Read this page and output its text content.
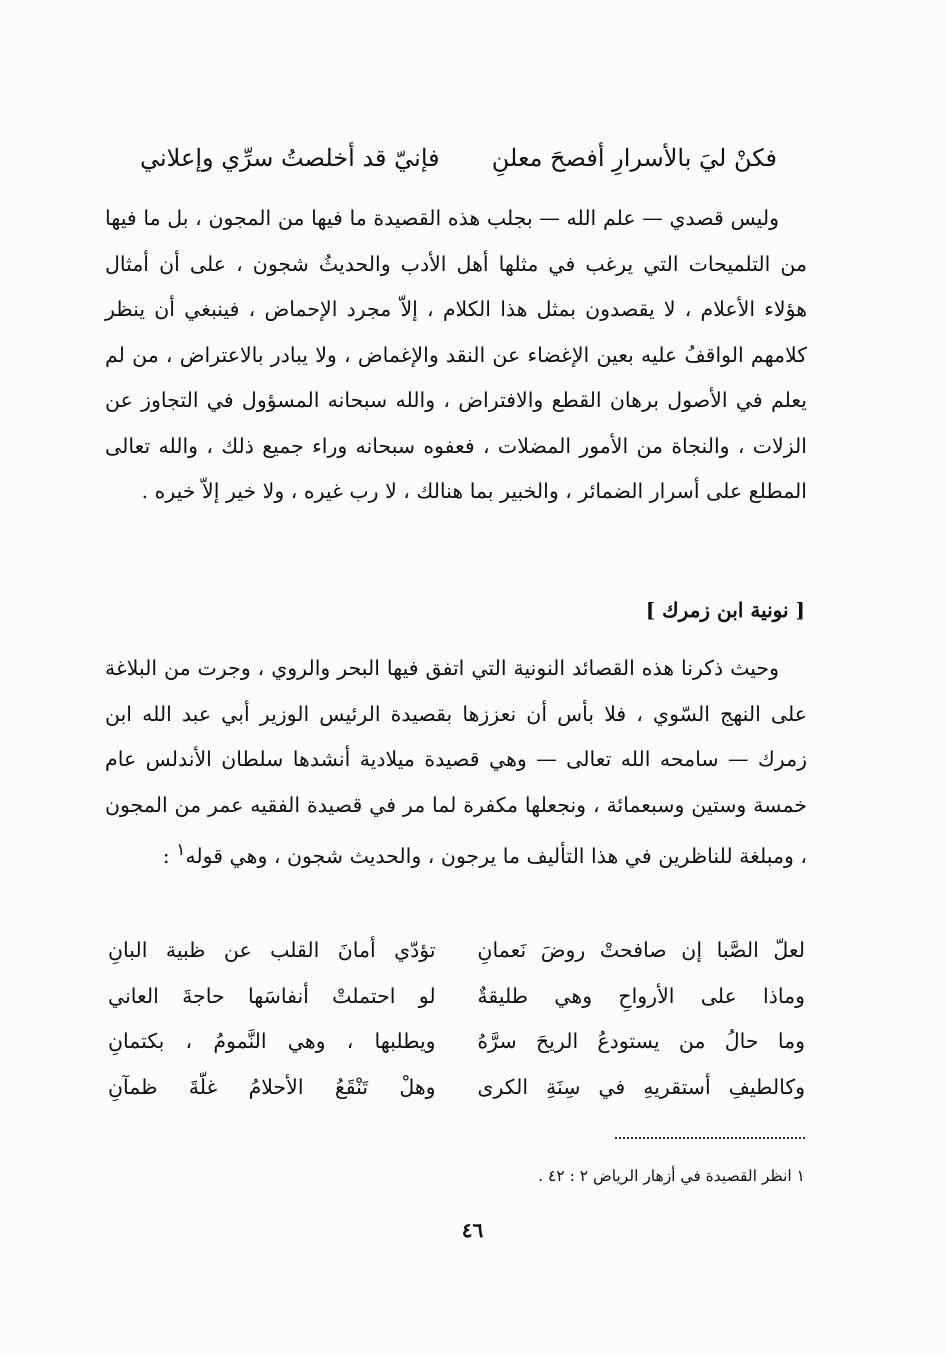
فكنْ ليَ بالأسرارِ أفصحَ معلنِ
فإنيّ قد أخلصتُ سرِّي وإعلاني

وليس قصدي — علم الله — بجلب هذه القصيدة ما فيها من المجون ، بل ما فيها من التلميحات التي يرغب في مثلها أهل الأدب والحديثُ شجون ، على أن أمثال هؤلاء الأعلام ، لا يقصدون بمثل هذا الكلام ، إلاّ مجرد الإحماض ، فينبغي أن ينظر كلامهم الواقفُ عليه بعين الإغضاء عن النقد والإغماض ، ولا يبادر بالاعتراض ، من لم يعلم في الأصول برهان القطع والافتراض ، والله سبحانه المسؤول في التجاوز عن الزلات ، والنجاة من الأمور المضلات ، فعفوه سبحانه وراء جميع ذلك ، والله تعالى المطلع على أسرار الضمائر ، والخبير بما هنالك ، لا رب غيره ، ولا خير إلاّ خيره .

[ نونية ابن زمرك ]

وحيث ذكرنا هذه القصائد النونية التي اتفق فيها البحر والروي ، وجرت من البلاغة على النهج السّوي ، فلا بأس أن نعززها بقصيدة الرئيس الوزير أبي عبد الله ابن زمرك — سامحه الله تعالى — وهي قصيدة ميلادية أنشدها سلطان الأندلس عام خمسة وستين وسبعمائة ، ونجعلها مكفرة لما مر في قصيدة الفقيه عمر من المجون ، ومبلغة للناظرين في هذا التأليف ما يرجون ، والحديث شجون ، وهي قوله$^١$ :

لعلّ الصَّبا إن صافحتْ روضَ نَعمانِ
تؤدّي أمانَ القلب عن ظبية البانِ
وماذا على الأرواحِ وهي طليقةٌ
لو احتملتْ أنفاسَها حاجةَ العاني
وما حالُ من يستودعُ الريحَ سرَّهُ
ويطلبها ، وهي النَّمومُ ، بكتمانِ
وكالطيفِ أستقريهِ في سِنَةِ الكرى
وهلْ تَنْقَعُ الأحلامُ غلّةَ ظمآنِ
١ انظر القصيدة في أزهار الرياض ٢ : ٤٢ .
٤٦
